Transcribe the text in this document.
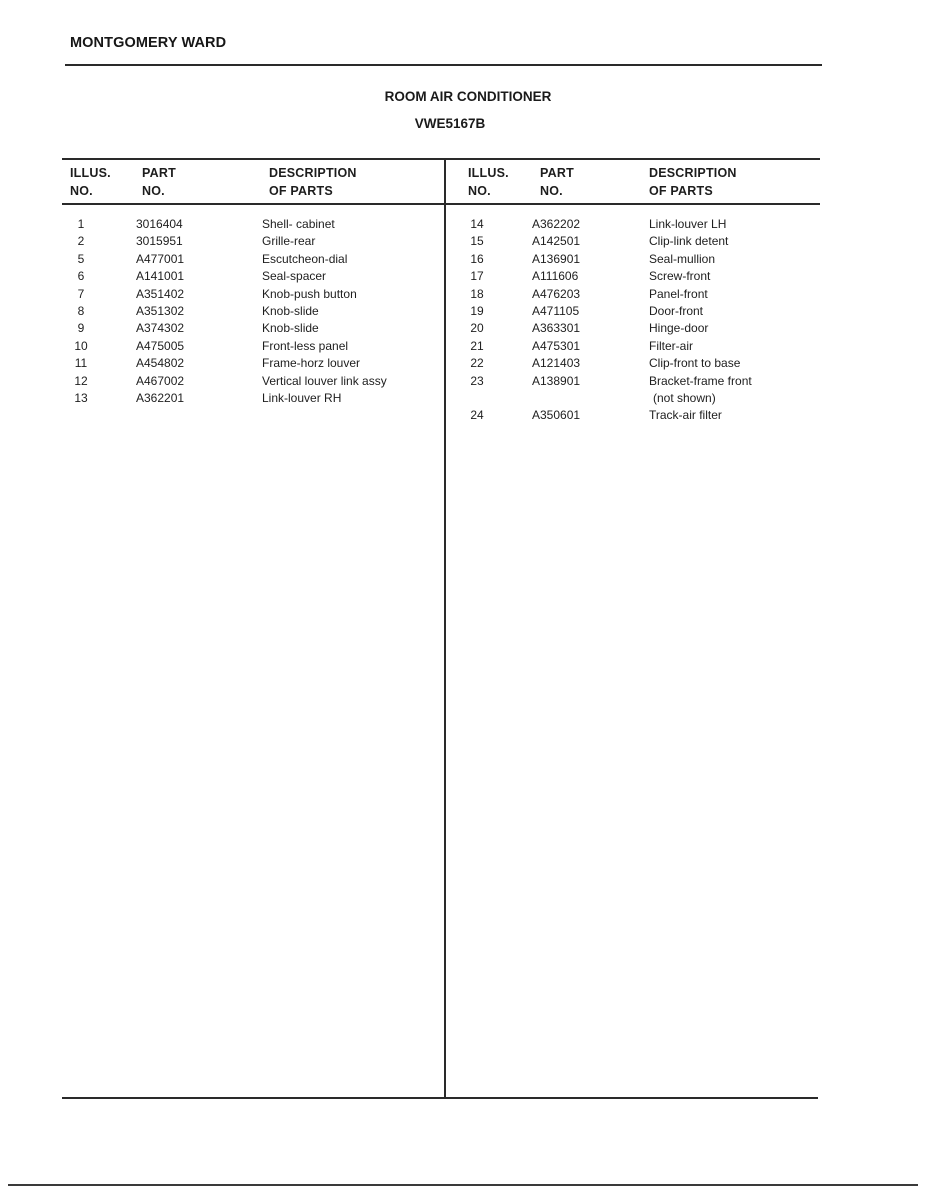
MONTGOMERY WARD
ROOM AIR CONDITIONER
VWE5167B
ILLUS.
NO.
PART
NO.
DESCRIPTION
OF PARTS
ILLUS.
NO.
PART
NO.
DESCRIPTION
OF PARTS
1	3016404	Shell- cabinet
2	3015951	Grille-rear
5	A477001	Escutcheon-dial
6	A141001	Seal-spacer
7	A351402	Knob-push button
8	A351302	Knob-slide
9	A374302	Knob-slide
10	A475005	Front-less panel
11	A454802	Frame-horz louver
12	A467002	Vertical louver link assy
13	A362201	Link-louver RH
14	A362202	Link-louver LH
15	A142501	Clip-link detent
16	A136901	Seal-mullion
17	A111606	Screw-front
18	A476203	Panel-front
19	A471105	Door-front
20	A363301	Hinge-door
21	A475301	Filter-air
22	A121403	Clip-front to base
23	A138901	Bracket-frame front
(not shown)
24	A350601	Track-air filter
